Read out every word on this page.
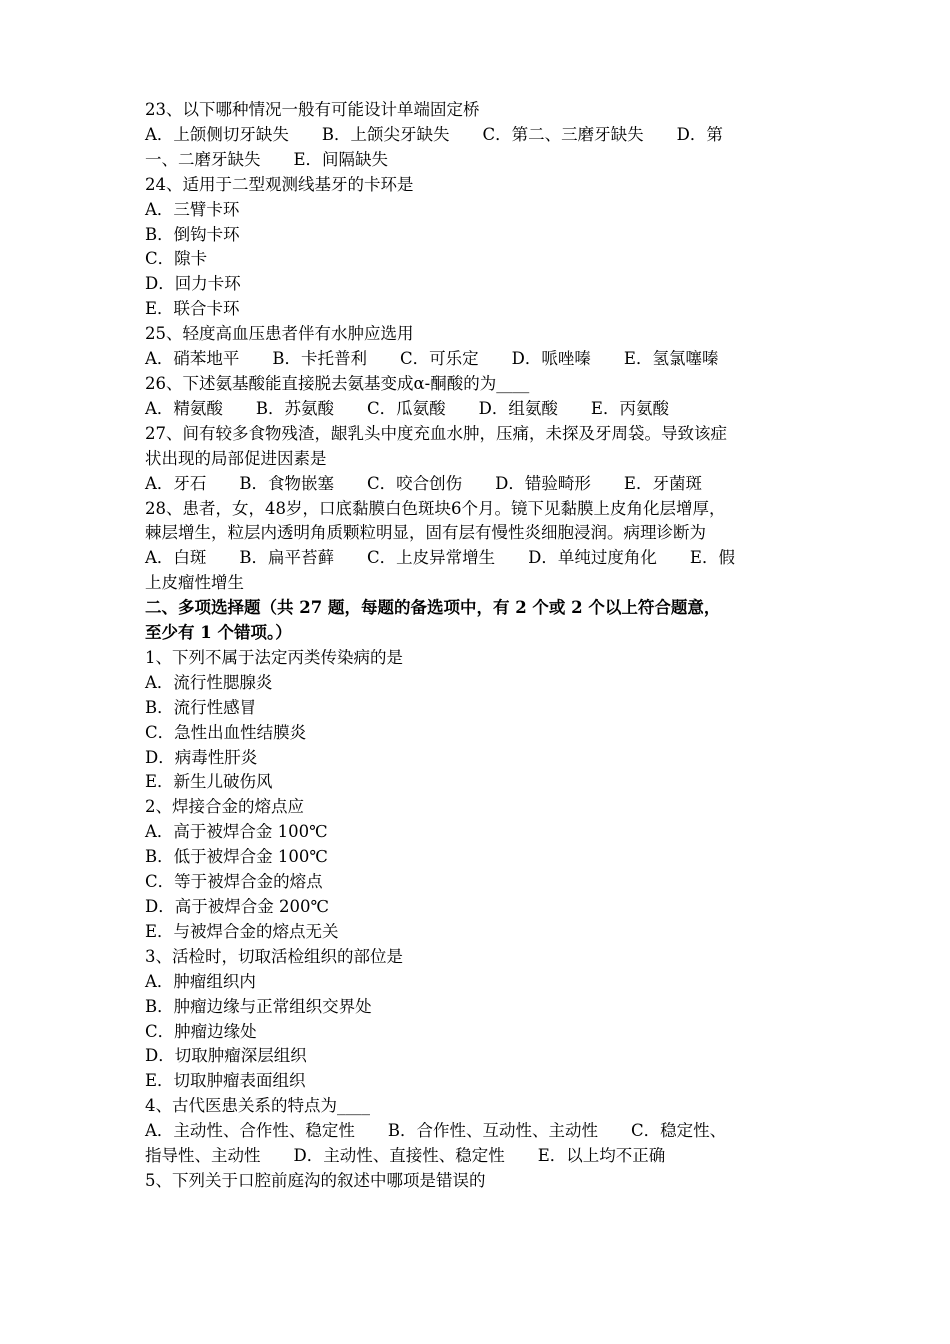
23、以下哪种情况一般有可能设计单端固定桥
A．上颌侧切牙缺失　　B．上颌尖牙缺失　　C．第二、三磨牙缺失　　D．第
一、二磨牙缺失　　E．间隔缺失
24、适用于二型观测线基牙的卡环是
A．三臂卡环
B．倒钩卡环
C．隙卡
D．回力卡环
E．联合卡环
25、轻度高血压患者伴有水肿应选用
A．硝苯地平　　B．卡托普利　　C．可乐定　　D．哌唑嗪　　E．氢氯噻嗪
26、下述氨基酸能直接脱去氨基变成α-酮酸的为____
A．精氨酸　　B．苏氨酸　　C．瓜氨酸　　D．组氨酸　　E．丙氨酸
27、间有较多食物残渣，龈乳头中度充血水肿，压痛，未探及牙周袋。导致该症
状出现的局部促进因素是
A．牙石　　B．食物嵌塞　　C．咬合创伤　　D．错验畸形　　E．牙菌斑
28、患者，女，48岁，口底黏膜白色斑块6个月。镜下见黏膜上皮角化层增厚，
棘层增生，粒层内透明角质颗粒明显，固有层有慢性炎细胞浸润。病理诊断为
A．白斑　　B．扁平苔藓　　C．上皮异常增生　　D．单纯过度角化　　E．假
上皮瘤性增生
二、多项选择题（共 27 题，每题的备选项中，有 2 个或 2 个以上符合题意，
至少有 1 个错项。）
1、下列不属于法定丙类传染病的是
A．流行性腮腺炎
B．流行性感冒
C．急性出血性结膜炎
D．病毒性肝炎
E．新生儿破伤风
2、焊接合金的熔点应
A．高于被焊合金 100℃
B．低于被焊合金 100℃
C．等于被焊合金的熔点
D．高于被焊合金 200℃
E．与被焊合金的熔点无关
3、活检时，切取活检组织的部位是
A．肿瘤组织内
B．肿瘤边缘与正常组织交界处
C．肿瘤边缘处
D．切取肿瘤深层组织
E．切取肿瘤表面组织
4、古代医患关系的特点为____
A．主动性、合作性、稳定性　　B．合作性、互动性、主动性　　C．稳定性、
指导性、主动性　　D．主动性、直接性、稳定性　　E．以上均不正确
5、下列关于口腔前庭沟的叙述中哪项是错误的
